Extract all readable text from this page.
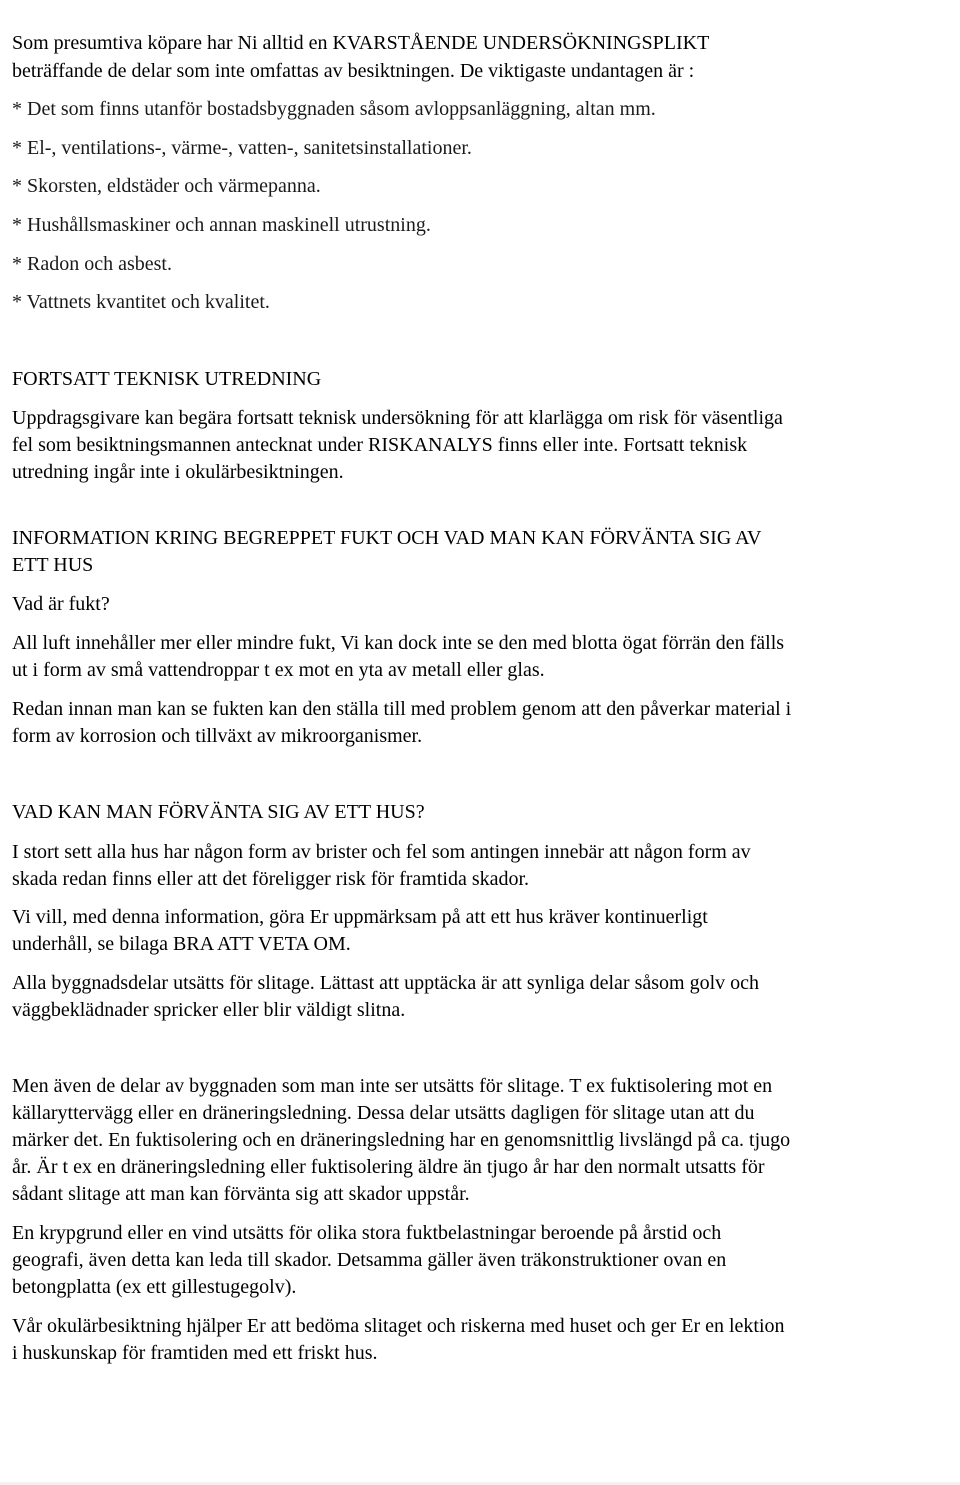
Som presumtiva köpare har Ni alltid en KVARSTÅENDE UNDERSÖKNINGSPLIKT
beträffande de delar som inte omfattas av besiktningen. De viktigaste undantagen är :
* Det som finns utanför bostadsbyggnaden såsom avloppsanläggning, altan mm.
* El-, ventilations-, värme-, vatten-, sanitetsinstallationer.
* Skorsten, eldstäder och värmepanna.
* Hushållsmaskiner och annan maskinell utrustning.
* Radon och asbest.
* Vattnets kvantitet och kvalitet.
FORTSATT TEKNISK UTREDNING
Uppdragsgivare kan begära fortsatt teknisk undersökning för att klarlägga om risk för väsentliga
fel som besiktningsmannen antecknat under RISKANALYS finns eller inte. Fortsatt teknisk
utredning ingår inte i okulärbesiktningen.
INFORMATION KRING BEGREPPET FUKT OCH VAD MAN KAN FÖRVÄNTA SIG AV
ETT HUS
Vad är fukt?
All luft innehåller mer eller mindre fukt, Vi kan dock inte se den med blotta ögat förrän den fälls
ut i form av små vattendroppar t ex mot en yta av metall eller glas.
Redan innan man kan se fukten kan den ställa till med problem genom att den påverkar material i
form av korrosion och tillväxt av mikroorganismer.
VAD KAN MAN FÖRVÄNTA SIG AV ETT HUS?
I stort sett alla hus har någon form av brister och fel som antingen innebär att någon form av
skada redan finns eller att det föreligger risk för framtida skador.
Vi vill, med denna information, göra Er uppmärksam på att ett hus kräver kontinuerligt
underhåll, se bilaga BRA ATT VETA OM.
Alla byggnadsdelar utsätts för slitage. Lättast att upptäcka är att synliga delar såsom golv och
väggbeklädnader spricker eller blir väldigt slitna.
Men även de delar av byggnaden som man inte ser utsätts för slitage. T ex fuktisolering mot en
källaryttervägg eller en dräneringsledning. Dessa delar utsätts dagligen för slitage utan att du
märker det. En fuktisolering och en dräneringsledning har en genomsnittlig livslängd på ca. tjugo
år. Är t ex en dräneringsledning eller fuktisolering äldre än tjugo år har den normalt utsatts för
sådant slitage att man kan förvänta sig att skador uppstår.
En krypgrund eller en vind utsätts för olika stora fuktbelastningar beroende på årstid och
geografi, även detta kan leda till skador. Detsamma gäller även träkonstruktioner ovan en
betongplatta (ex ett gillestugegolv).
Vår okulärbesiktning hjälper Er att bedöma slitaget och riskerna med huset och ger Er en lektion
i huskunskap för framtiden med ett friskt hus.
